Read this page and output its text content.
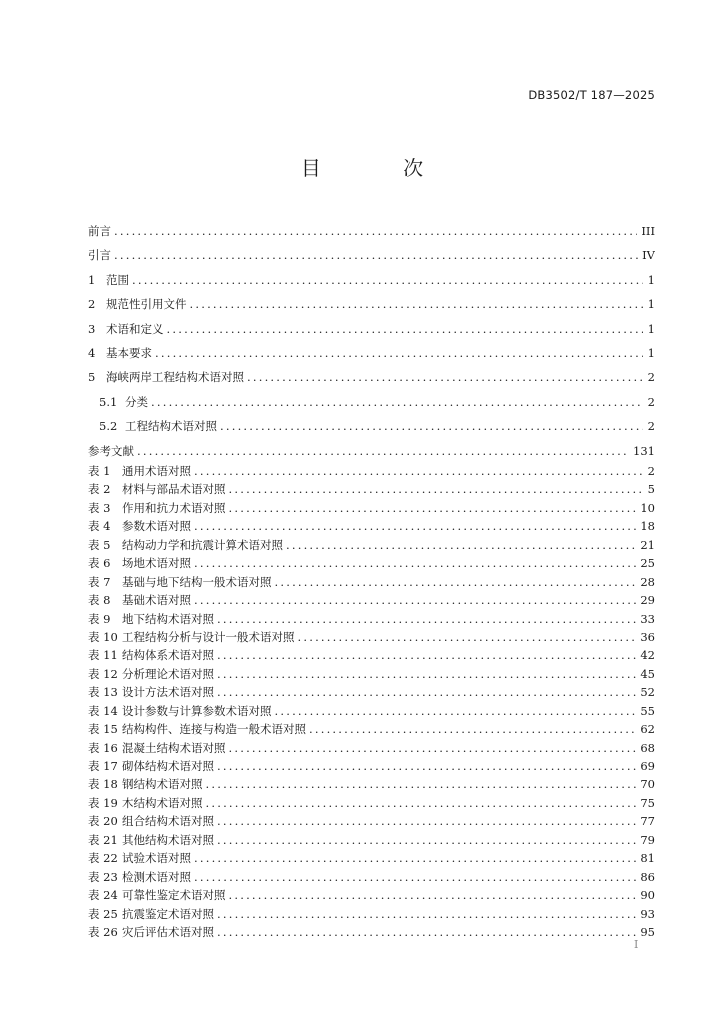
DB3502/T 187—2025
目 次
前言 .....	III
引言 .....	IV
1 范围 .....	1
2 规范性引用文件 .....	1
3 术语和定义 .....	1
4 基本要求 .....	1
5 海峡两岸工程结构术语对照 .....	2
5.1 分类 .....	2
5.2 工程结构术语对照 .....	2
参考文献 .....	131
表 1	通用术语对照 .....	2
表 2	材料与部品术语对照 .....	5
表 3	作用和抗力术语对照 .....	10
表 4	参数术语对照 .....	18
表 5	结构动力学和抗震计算术语对照 .....	21
表 6	场地术语对照 .....	25
表 7	基础与地下结构一般术语对照 .....	28
表 8	基础术语对照 .....	29
表 9	地下结构术语对照 .....	33
表 10 工程结构分析与设计一般术语对照 .....	36
表 11 结构体系术语对照 .....	42
表 12 分析理论术语对照 .....	45
表 13 设计方法术语对照 .....	52
表 14 设计参数与计算参数术语对照 .....	55
表 15 结构构件、连接与构造一般术语对照 .....	62
表 16 混凝土结构术语对照 .....	68
表 17 砌体结构术语对照 .....	69
表 18 钢结构术语对照 .....	70
表 19 木结构术语对照 .....	75
表 20 组合结构术语对照 .....	77
表 21 其他结构术语对照 .....	79
表 22 试验术语对照 .....	81
表 23 检测术语对照 .....	86
表 24 可靠性鉴定术语对照 .....	90
表 25 抗震鉴定术语对照 .....	93
表 26 灾后评估术语对照 .....	95
I
